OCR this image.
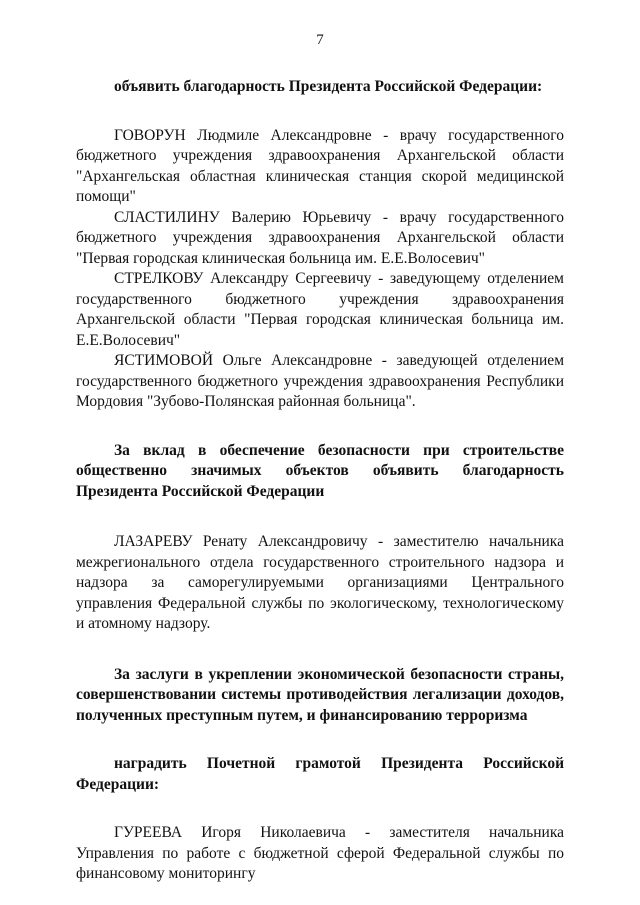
7

объявить благодарность Президента Российской Федерации:

ГОВОРУН Людмиле Александровне - врачу государственного бюджетного учреждения здравоохранения Архангельской области "Архангельская областная клиническая станция скорой медицинской помощи"

СЛАСТИЛИНУ Валерию Юрьевичу - врачу государственного бюджетного учреждения здравоохранения Архангельской области "Первая городская клиническая больница им. Е.Е.Волосевич"

СТРЕЛКОВУ Александру Сергеевичу - заведующему отделением государственного бюджетного учреждения здравоохранения Архангельской области "Первая городская клиническая больница им. Е.Е.Волосевич"

ЯСТИМОВОЙ Ольге Александровне - заведующей отделением государственного бюджетного учреждения здравоохранения Республики Мордовия "Зубово-Полянская районная больница".

За вклад в обеспечение безопасности при строительстве общественно значимых объектов объявить благодарность Президента Российской Федерации

ЛАЗАРЕВУ Ренату Александровичу - заместителю начальника межрегионального отдела государственного строительного надзора и надзора за саморегулируемыми организациями Центрального управления Федеральной службы по экологическому, технологическому и атомному надзору.

За заслуги в укреплении экономической безопасности страны, совершенствовании системы противодействия легализации доходов, полученных преступным путем, и финансированию терроризма

наградить Почетной грамотой Президента Российской Федерации:

ГУРЕЕВА Игоря Николаевича - заместителя начальника Управления по работе с бюджетной сферой Федеральной службы по финансовому мониторингу
